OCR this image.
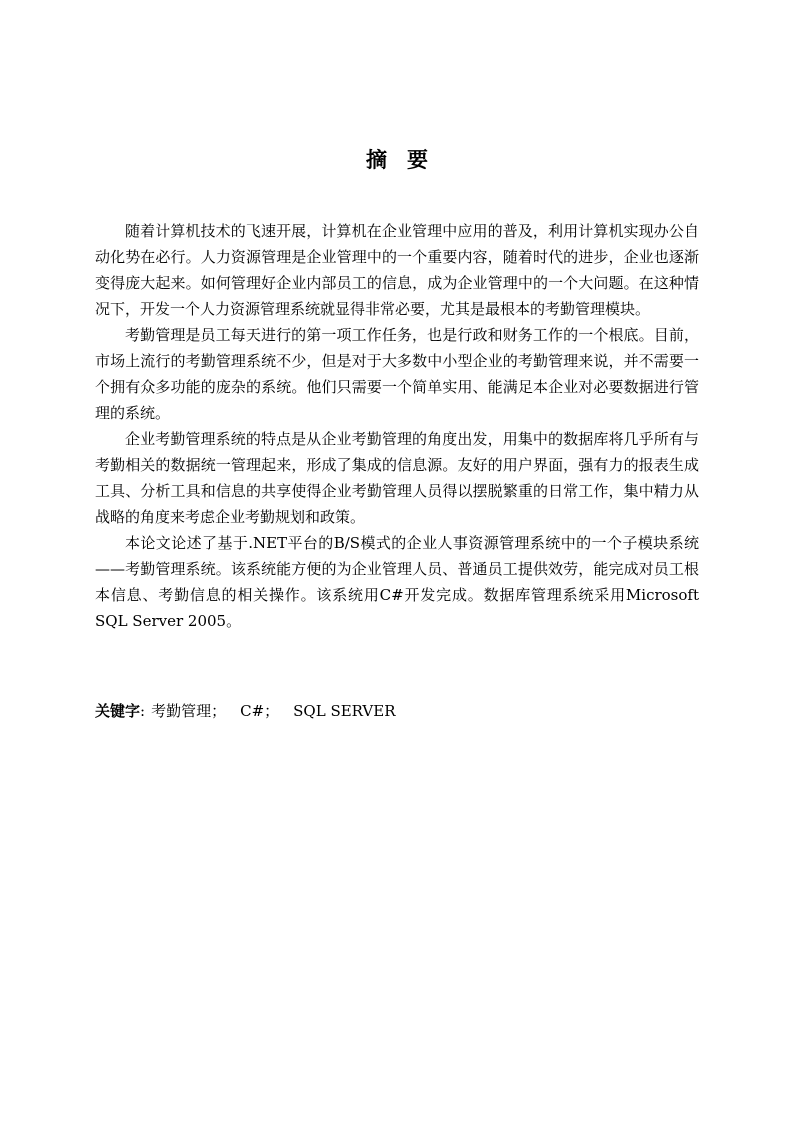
摘要

随着计算机技术的飞速开展，计算机在企业管理中应用的普及，利用计算机实现办公自动化势在必行。人力资源管理是企业管理中的一个重要内容，随着时代的进步，企业也逐渐变得庞大起来。如何管理好企业内部员工的信息，成为企业管理中的一个大问题。在这种情况下，开发一个人力资源管理系统就显得非常必要，尤其是最根本的考勤管理模块。

考勤管理是员工每天进行的第一项工作任务，也是行政和财务工作的一个根底。目前，市场上流行的考勤管理系统不少，但是对于大多数中小型企业的考勤管理来说，并不需要一个拥有众多功能的庞杂的系统。他们只需要一个简单实用、能满足本企业对必要数据进行管理的系统。

企业考勤管理系统的特点是从企业考勤管理的角度出发，用集中的数据库将几乎所有与考勤相关的数据统一管理起来，形成了集成的信息源。友好的用户界面，强有力的报表生成工具、分析工具和信息的共享使得企业考勤管理人员得以摆脱繁重的日常工作，集中精力从战略的角度来考虑企业考勤规划和政策。

本论文论述了基于.NET平台的B/S模式的企业人事资源管理系统中的一个子模块系统——考勤管理系统。该系统能方便的为企业管理人员、普通员工提供效劳，能完成对员工根本信息、考勤信息的相关操作。该系统用C#开发完成。数据库管理系统采用Microsoft SQL Server 2005。

关键字: 考勤管理； C#； SQL SERVER
